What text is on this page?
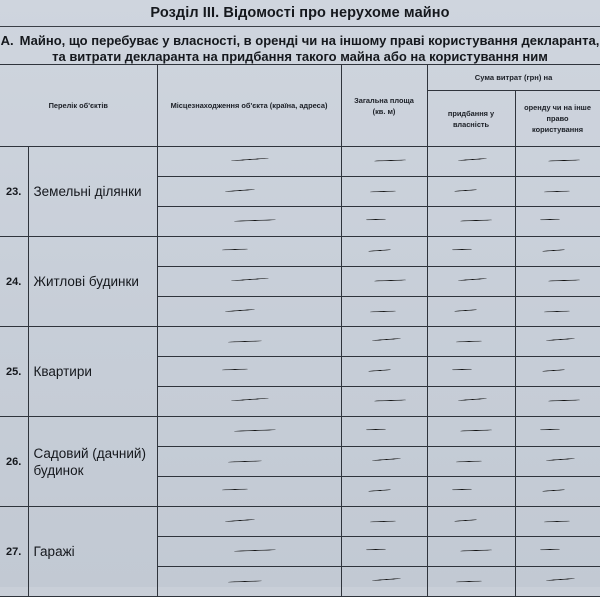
Розділ III. Відомості про нерухоме майно
А. Майно, що перебуває у власності, в оренді чи на іншому праві користування декларанта,
та витрати декларанта на придбання такого майна або на користування ним
Перелік об'єктів		Місцезнаходження об'єкта (країна, адреса)	Загальна площа (кв. м)	Сума витрат (грн) на	
				придбання у власність	оренду чи на інше право користування
23.	Земельні ділянки	

24.	Житлові будинки	

25.	Квартири	

26.	Садовий (дачний) будинок	

27.	Гаражі	
